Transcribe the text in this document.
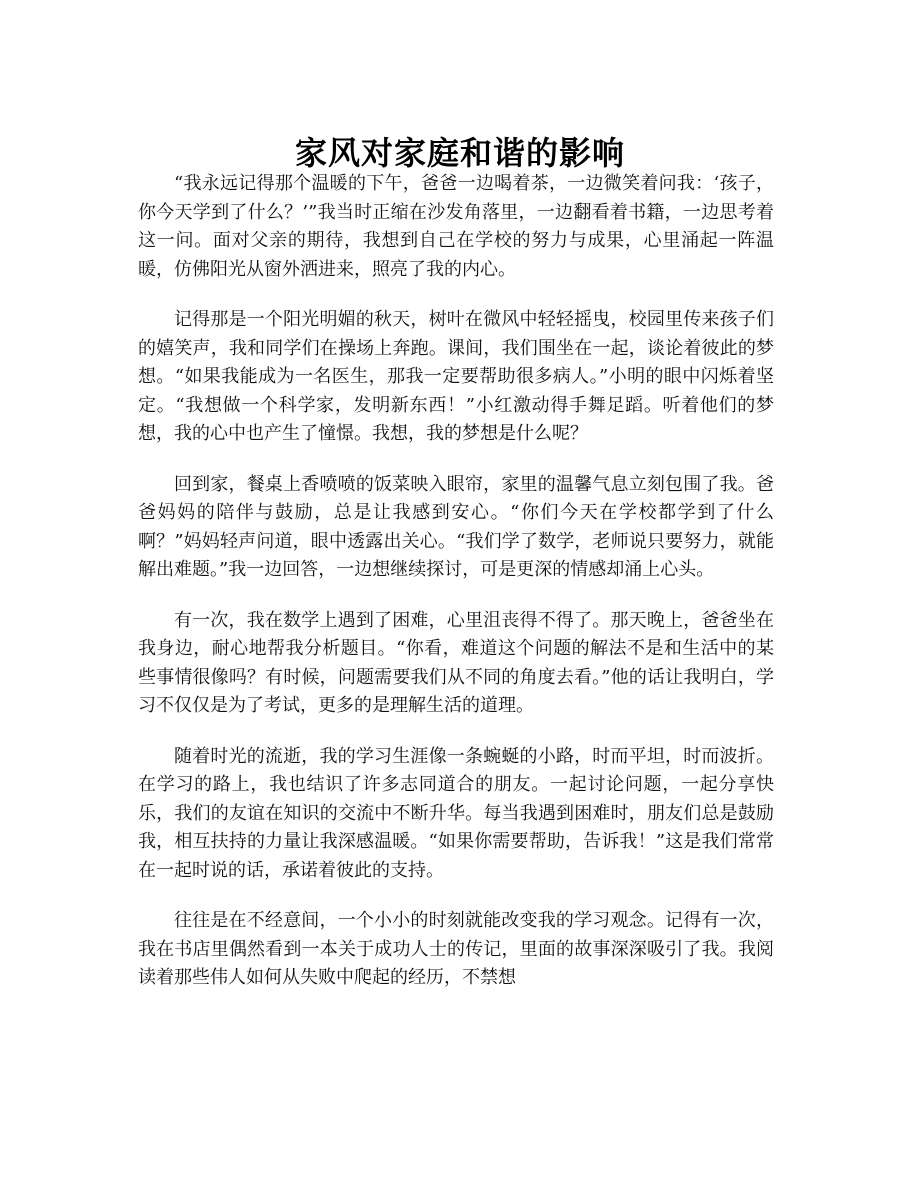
家风对家庭和谐的影响

“我永远记得那个温暖的下午，爸爸一边喝着茶，一边微笑着问我：‘孩子，你今天学到了什么？’”我当时正缩在沙发角落里，一边翻看着书籍，一边思考着这一问。面对父亲的期待，我想到自己在学校的努力与成果，心里涌起一阵温暖，仿佛阳光从窗外洒进来，照亮了我的内心。

记得那是一个阳光明媚的秋天，树叶在微风中轻轻摇曳，校园里传来孩子们的嬉笑声，我和同学们在操场上奔跑。课间，我们围坐在一起，谈论着彼此的梦想。“如果我能成为一名医生，那我一定要帮助很多病人。”小明的眼中闪烁着坚定。“我想做一个科学家，发明新东西！”小红激动得手舞足蹈。听着他们的梦想，我的心中也产生了憧憬。我想，我的梦想是什么呢？

回到家，餐桌上香喷喷的饭菜映入眼帘，家里的温馨气息立刻包围了我。爸爸妈妈的陪伴与鼓励，总是让我感到安心。“你们今天在学校都学到了什么啊？”妈妈轻声问道，眼中透露出关心。“我们学了数学，老师说只要努力，就能解出难题。”我一边回答，一边想继续探讨，可是更深的情感却涌上心头。

有一次，我在数学上遇到了困难，心里沮丧得不得了。那天晚上，爸爸坐在我身边，耐心地帮我分析题目。“你看，难道这个问题的解法不是和生活中的某些事情很像吗？有时候，问题需要我们从不同的角度去看。”他的话让我明白，学习不仅仅是为了考试，更多的是理解生活的道理。

随着时光的流逝，我的学习生涯像一条蜿蜒的小路，时而平坦，时而波折。在学习的路上，我也结识了许多志同道合的朋友。一起讨论问题，一起分享快乐，我们的友谊在知识的交流中不断升华。每当我遇到困难时，朋友们总是鼓励我，相互扶持的力量让我深感温暖。“如果你需要帮助，告诉我！”这是我们常常在一起时说的话，承诺着彼此的支持。

往往是在不经意间，一个小小的时刻就能改变我的学习观念。记得有一次，我在书店里偶然看到一本关于成功人士的传记，里面的故事深深吸引了我。我阅读着那些伟人如何从失败中爬起的经历，不禁想
